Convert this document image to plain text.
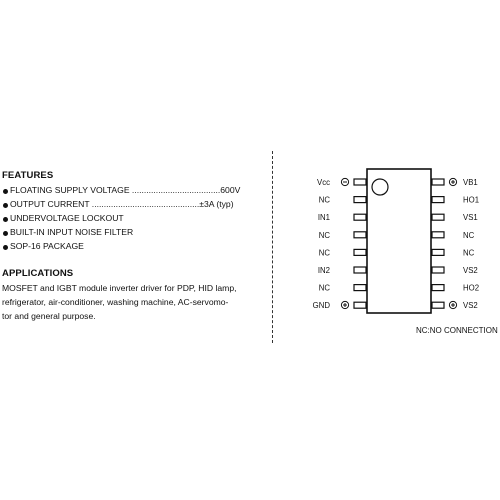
FEATURES
FLOATING SUPPLY VOLTAGE .....................................600V
OUTPUT CURRENT .............................................±3A (typ)
UNDERVOLTAGE LOCKOUT
BUILT-IN INPUT NOISE FILTER
SOP-16 PACKAGE
APPLICATIONS
MOSFET and IGBT module inverter driver for PDP, HID lamp,
refrigerator, air-conditioner, washing machine, AC-servomo-
tor and general purpose.
Vcc
NC
IN1
NC
NC
IN2
NC
GND
VB1
HO1
VS1
NC
NC
VS2
HO2
VS2
NC:NO CONNECTION
